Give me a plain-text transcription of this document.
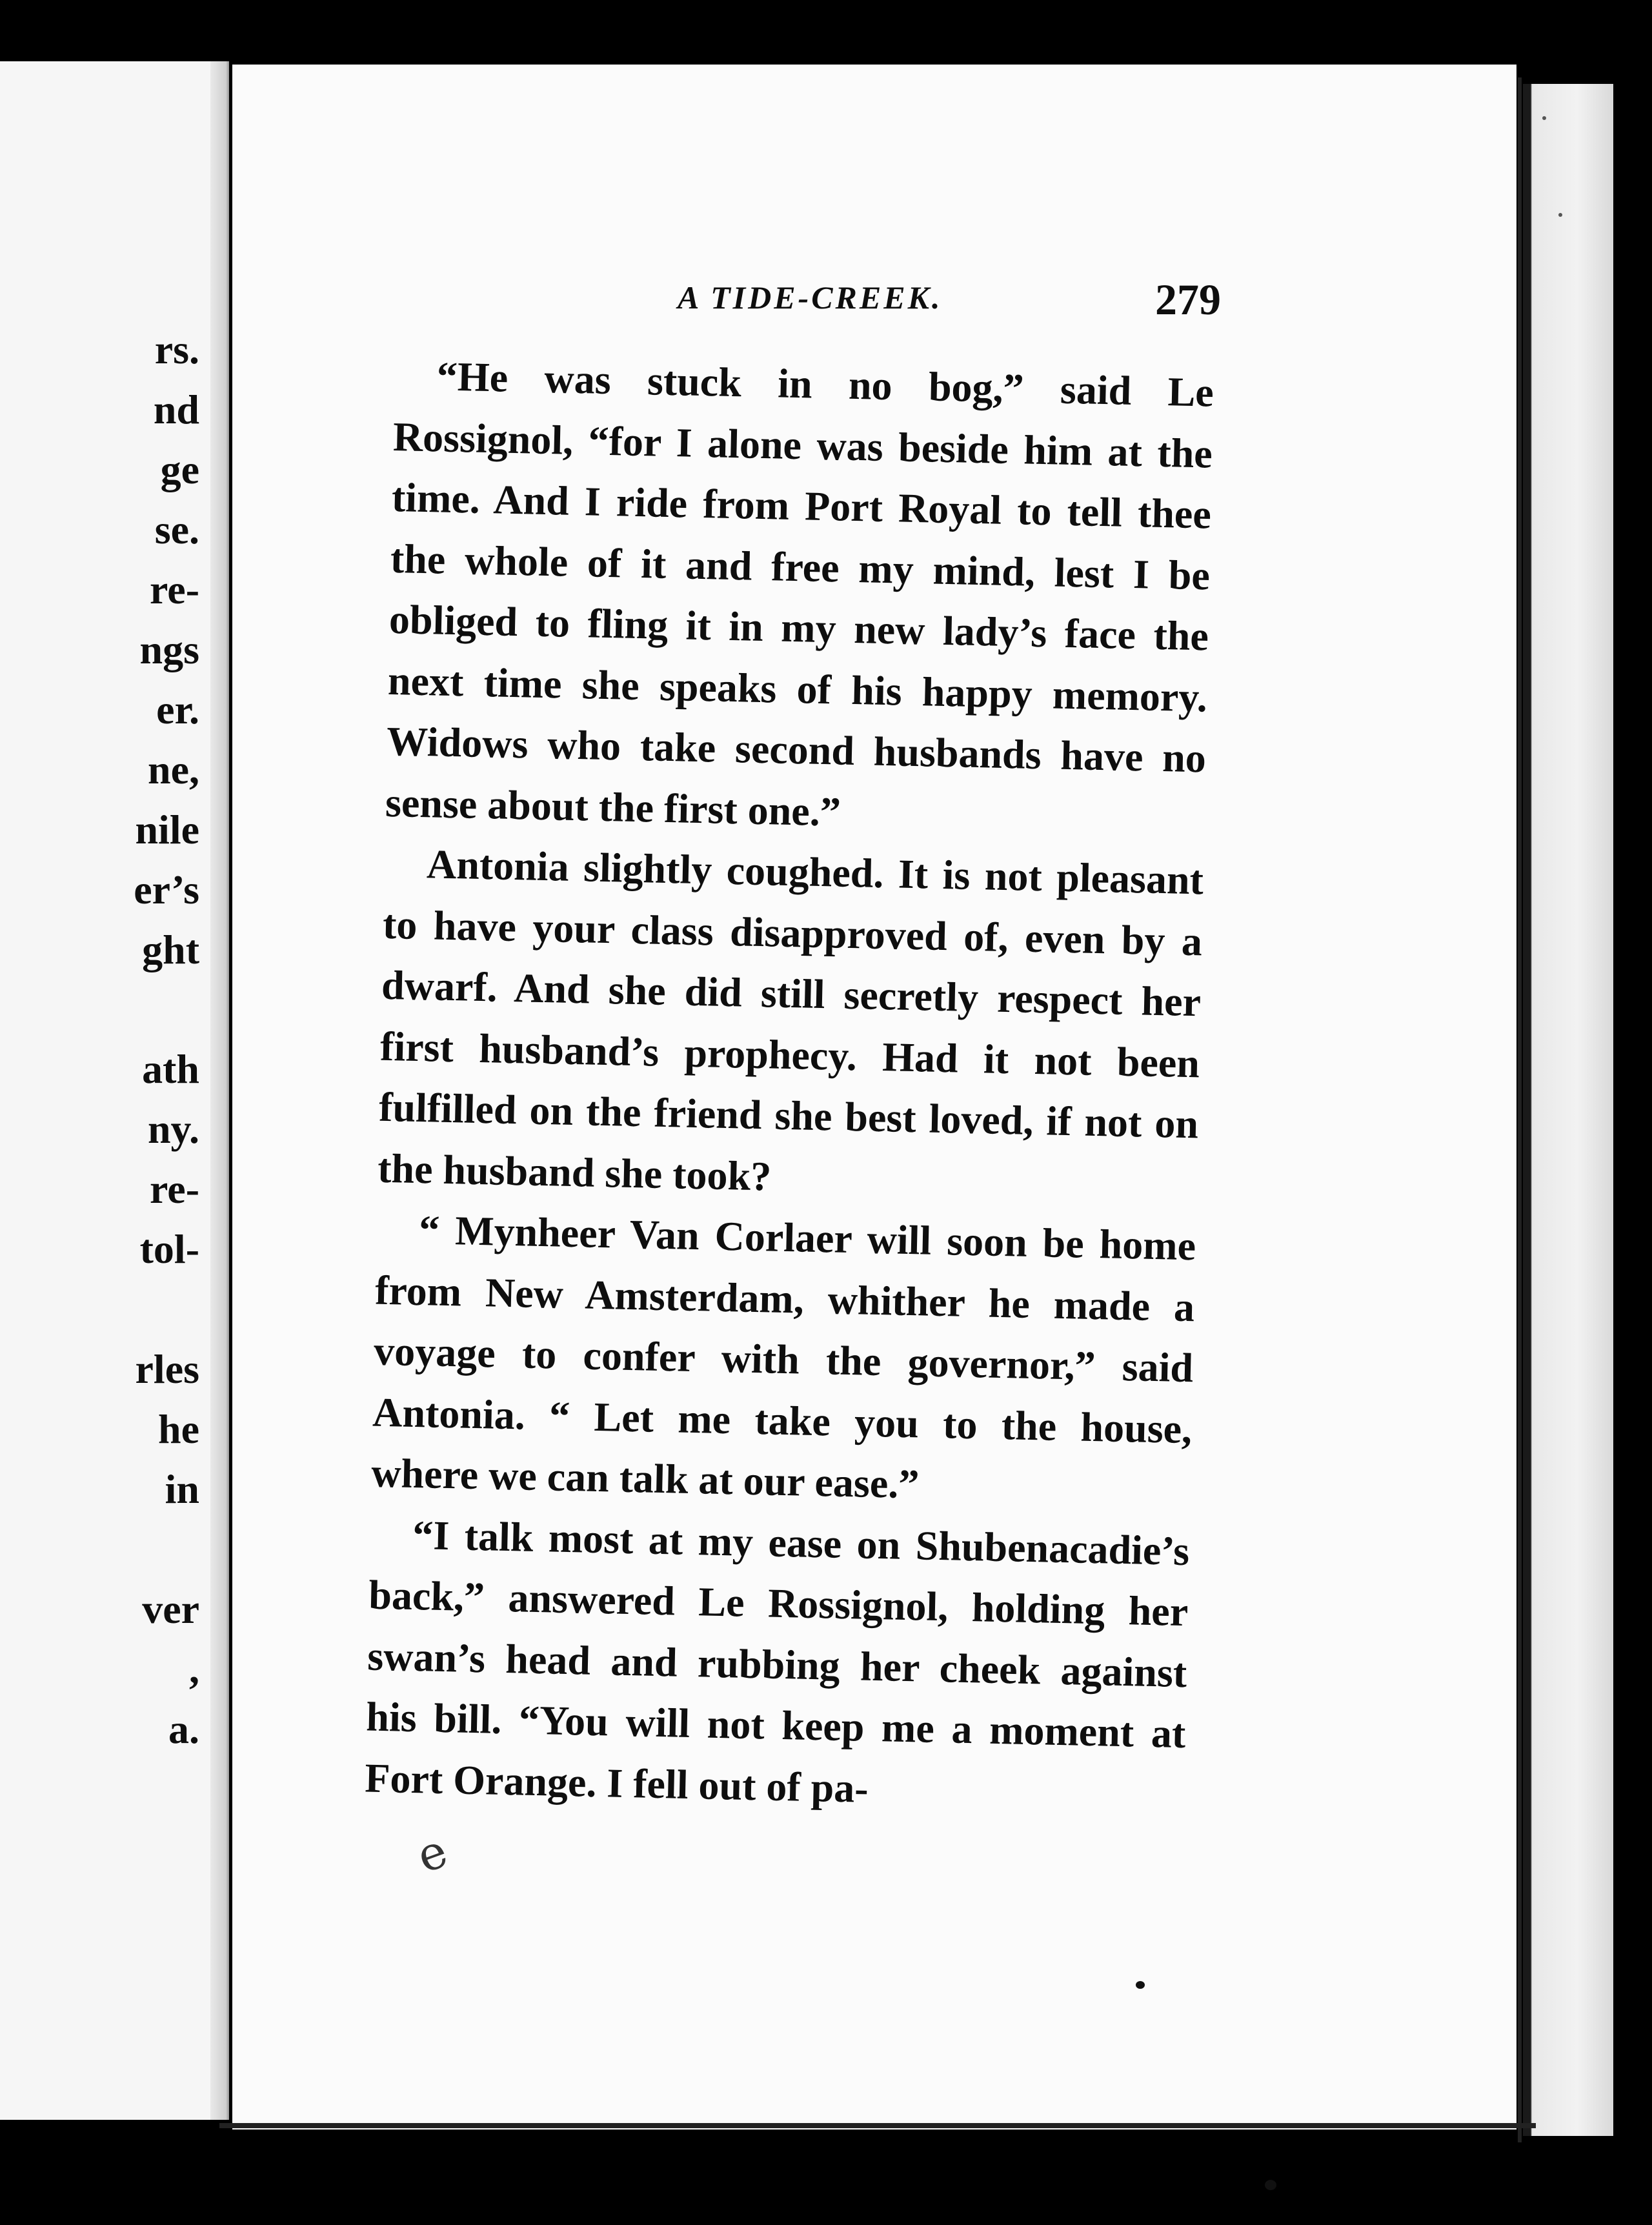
rs.

nd

ge

se.

re-

ngs

er.

ne,

nile

er’s

ght

ath

ny.

re-

tol-

rles

he

in

ver

,

a.

A TIDE-CREEK.	279

“He was stuck in no bog,” said Le Rossignol, “for I alone was beside him at the time. And I ride from Port Royal to tell thee the whole of it and free my mind, lest I be obliged to fling it in my new lady’s face the next time she speaks of his happy memory. Widows who take second husbands have no sense about the first one.”

Antonia slightly coughed. It is not pleasant to have your class disapproved of, even by a dwarf. And she did still secretly respect her first husband’s prophecy. Had it not been fulfilled on the friend she best loved, if not on the husband she took?

“ Mynheer Van Corlaer will soon be home from New Amsterdam, whither he made a voyage to confer with the governor,” said Antonia. “ Let me take you to the house, where we can talk at our ease.”

“I talk most at my ease on Shubenacadie’s back,” answered Le Rossignol, holding her swan’s head and rubbing her cheek against his bill. “You will not keep me a moment at Fort Orange. I fell out of pa-

e
